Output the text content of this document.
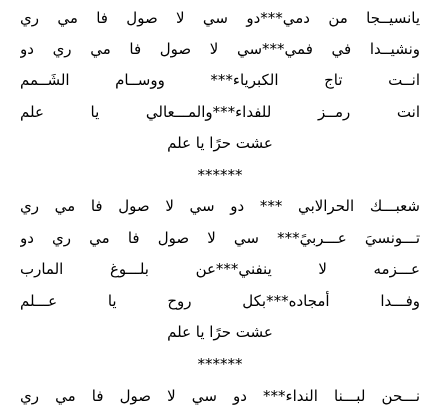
يانسيــجا من دمي***دو سي لا صول فا مي ري
ونشيــدا في فمي***سي لا صول فا مي ري دو
انــت تاج الكبرياء*** ووســام الشَــمم
انت رمــز للفداء***والمـــعالي يا علم
عشت حرًا يا علم
******
شعبـــك الحرالابي *** دو سي لا صول فا مي ري
تـــونسيَ عـــربيً*** سي لا صول فا مي ري دو
عـــزمه لا ينفني***عن بلـــوغ المارب
وفـــدا أمجاده***بكل روح يا عـــلم
عشت حرًا يا علم
******
نـــحن لبـــنا النداء*** دو سي لا صول فا مي ري
